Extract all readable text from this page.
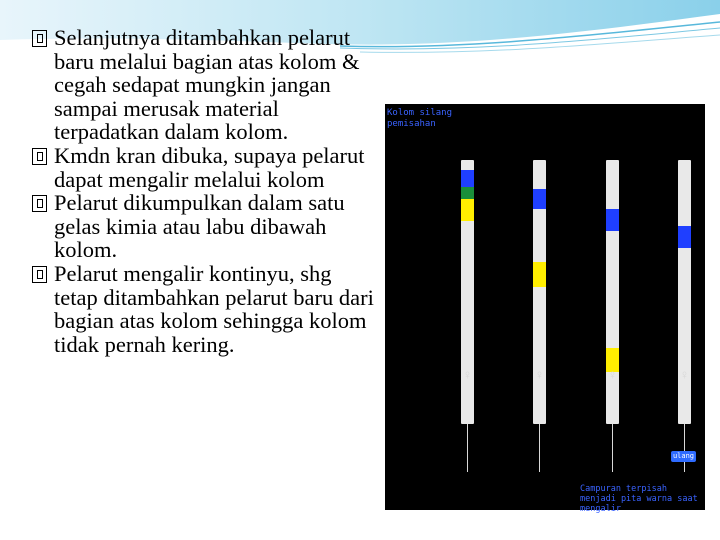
Selanjutnya ditambahkan pelarut baru melalui bagian atas kolom & cegah sedapat mungkin jangan sampai merusak material terpadatkan dalam kolom.

Kmdn kran dibuka, supaya pelarut dapat mengalir melalui kolom

Pelarut dikumpulkan dalam satu gelas kimia atau labu dibawah kolom.

Pelarut mengalir kontinyu, shg tetap ditambahkan pelarut baru dari bagian atas kolom sehingga kolom tidak pernah kering.

Kolom silang pemisahan
♀	♀	♀	♀
ulang
Campuran terpisah menjadi pita warna saat mengalir
